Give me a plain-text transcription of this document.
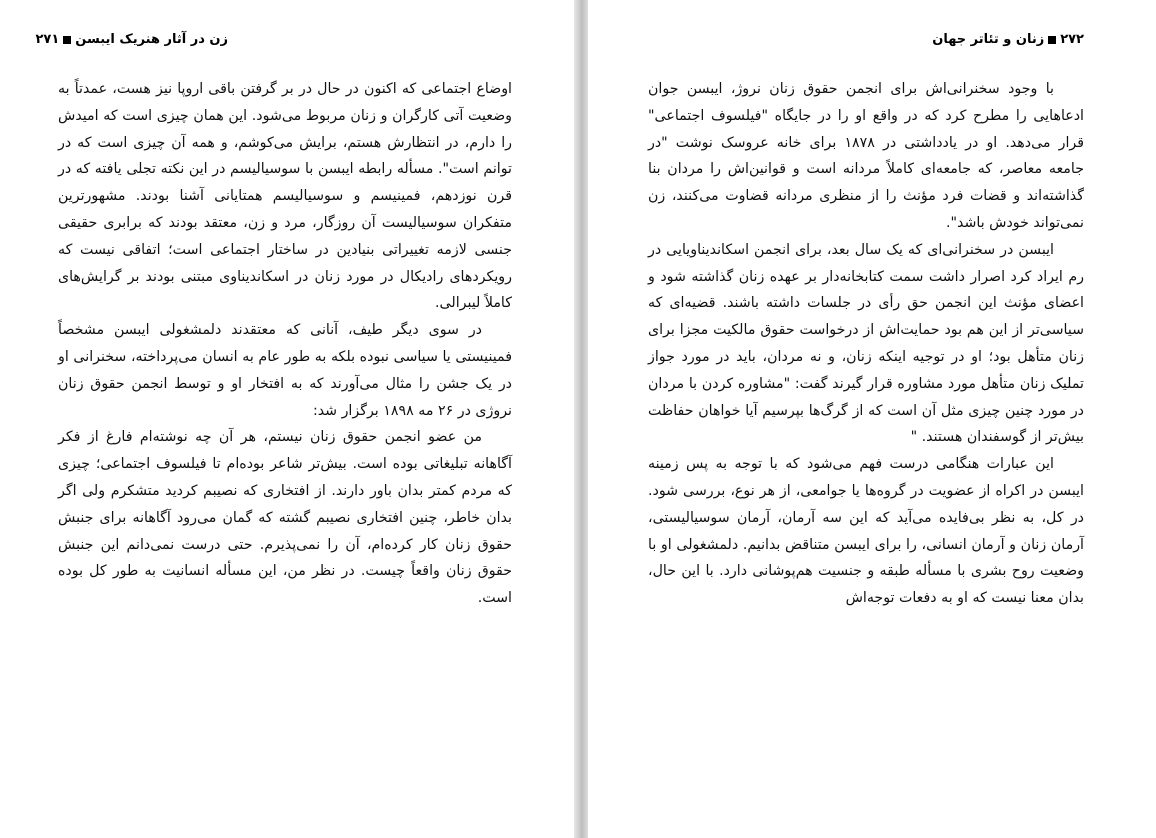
زن در آثار هنریک ایبسن۲۷۱

اوضاع اجتماعی که اکنون در حال در بر گرفتن باقی اروپا نیز هست، عمدتاً به وضعیت آتی کارگران و زنان مربوط می‌شود. این همان چیزی است که امیدش را دارم، در انتظارش هستم، برایش می‌کوشم، و همه آن چیزی است که در توانم است". مسأله رابطه ایبسن با سوسیالیسم در این نکته تجلی یافته که در قرن نوزدهم، فمینیسم و سوسیالیسم همتایانی آشنا بودند. مشهورترین متفکران سوسیالیست آن روزگار، مرد و زن، معتقد بودند که برابری حقیقی جنسی لازمه تغییراتی بنیادین در ساختار اجتماعی است؛ اتفاقی نیست که رویکردهای رادیکال در مورد زنان در اسکاندیناوی مبتنی بودند بر گرایش‌های کاملاً لیبرالی.

در سوی دیگر طیف، آنانی که معتقدند دلمشغولی ایبسن مشخصاً فمینیستی یا سیاسی نبوده بلکه به طور عام به انسان می‌پرداخته، سخنرانی او در یک جشن را مثال می‌آورند که به افتخار او و توسط انجمن حقوق زنان نروژی در ۲۶ مه ۱۸۹۸ برگزار شد:

من عضو انجمن حقوق زنان نیستم، هر آن چه نوشته‌ام فارغ از فکر آگاهانه تبلیغاتی بوده است. بیش‌تر شاعر بوده‌ام تا فیلسوف اجتماعی؛ چیزی که مردم کمتر بدان باور دارند. از افتخاری که نصیبم کردید متشکرم ولی اگر بدان خاطر، چنین افتخاری نصیبم گشته که گمان می‌رود آگاهانه برای جنبش حقوق زنان کار کرده‌ام، آن را نمی‌پذیرم. حتی درست نمی‌دانم این جنبش حقوق زنان واقعاً چیست. در نظر من، این مسأله انسانیت به طور کل بوده است.

۲۷۲زنان و تئاتر جهان

با وجود سخنرانی‌اش برای انجمن حقوق زنان نروژ، ایبسن جوان ادعاهایی را مطرح کرد که در واقع او را در جایگاه "فیلسوف اجتماعی" قرار می‌دهد. او در یادداشتی در ۱۸۷۸ برای خانه عروسک نوشت "در جامعه معاصر، که جامعه‌ای کاملاً مردانه است و قوانین‌اش را مردان بنا گذاشته‌اند و قضات فرد مؤنث را از منظری مردانه قضاوت می‌کنند، زن نمی‌تواند خودش باشد".

ایبسن در سخنرانی‌ای که یک سال بعد، برای انجمن اسکاندیناویایی در رم ایراد کرد اصرار داشت سمت کتابخانه‌دار بر عهده زنان گذاشته شود و اعضای مؤنث این انجمن حق رأی در جلسات داشته باشند. قضیه‌ای که سیاسی‌تر از این هم بود حمایت‌اش از درخواست حقوق مالکیت مجزا برای زنان متأهل بود؛ او در توجیه اینکه زنان، و نه مردان، باید در مورد جواز تملیک زنان متأهل مورد مشاوره قرار گیرند گفت: "مشاوره کردن با مردان در مورد چنین چیزی مثل آن است که از گرگ‌ها بپرسیم آیا خواهان حفاظت بیش‌تر از گوسفندان هستند. "

این عبارات هنگامی درست فهم می‌شود که با توجه به پس زمینه ایبسن در اکراه از عضویت در گروه‌ها یا جوامعی، از هر نوع، بررسی شود. در کل، به نظر بی‌فایده می‌آید که این سه آرمان، آرمان سوسیالیستی، آرمان زنان و آرمان انسانی، را برای ایبسن متناقض بدانیم. دلمشغولی او با وضعیت روح بشری با مسأله طبقه و جنسیت هم‌پوشانی دارد. با این حال، بدان معنا نیست که او به دفعات توجه‌اش
